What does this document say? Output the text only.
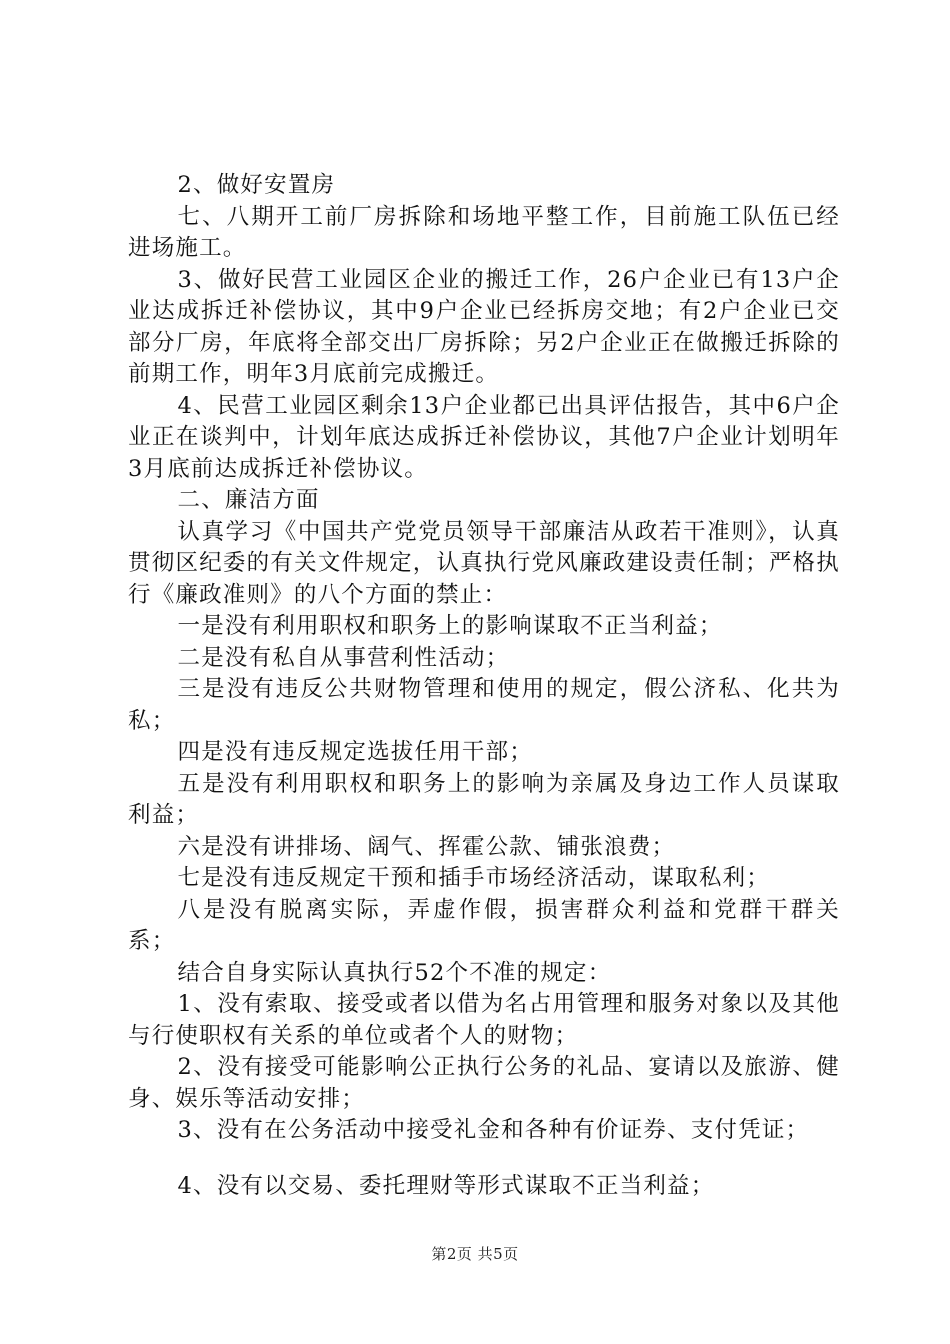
2、做好安置房

七、八期开工前厂房拆除和场地平整工作，目前施工队伍已经进场施工。

3、做好民营工业园区企业的搬迁工作，26户企业已有13户企业达成拆迁补偿协议，其中9户企业已经拆房交地；有2户企业已交部分厂房，年底将全部交出厂房拆除；另2户企业正在做搬迁拆除的前期工作，明年3月底前完成搬迁。

4、民营工业园区剩余13户企业都已出具评估报告，其中6户企业正在谈判中，计划年底达成拆迁补偿协议，其他7户企业计划明年3月底前达成拆迁补偿协议。

二、廉洁方面

认真学习《中国共产党党员领导干部廉洁从政若干准则》，认真贯彻区纪委的有关文件规定，认真执行党风廉政建设责任制；严格执行《廉政准则》的八个方面的禁止：

一是没有利用职权和职务上的影响谋取不正当利益；

二是没有私自从事营利性活动；

三是没有违反公共财物管理和使用的规定，假公济私、化共为私；

四是没有违反规定选拔任用干部；

五是没有利用职权和职务上的影响为亲属及身边工作人员谋取利益；

六是没有讲排场、阔气、挥霍公款、铺张浪费；

七是没有违反规定干预和插手市场经济活动，谋取私利；

八是没有脱离实际，弄虚作假，损害群众利益和党群干群关系；

结合自身实际认真执行52个不准的规定：

1、没有索取、接受或者以借为名占用管理和服务对象以及其他与行使职权有关系的单位或者个人的财物；

2、没有接受可能影响公正执行公务的礼品、宴请以及旅游、健身、娱乐等活动安排；

3、没有在公务活动中接受礼金和各种有价证券、支付凭证；

4、没有以交易、委托理财等形式谋取不正当利益；

第2页 共5页
